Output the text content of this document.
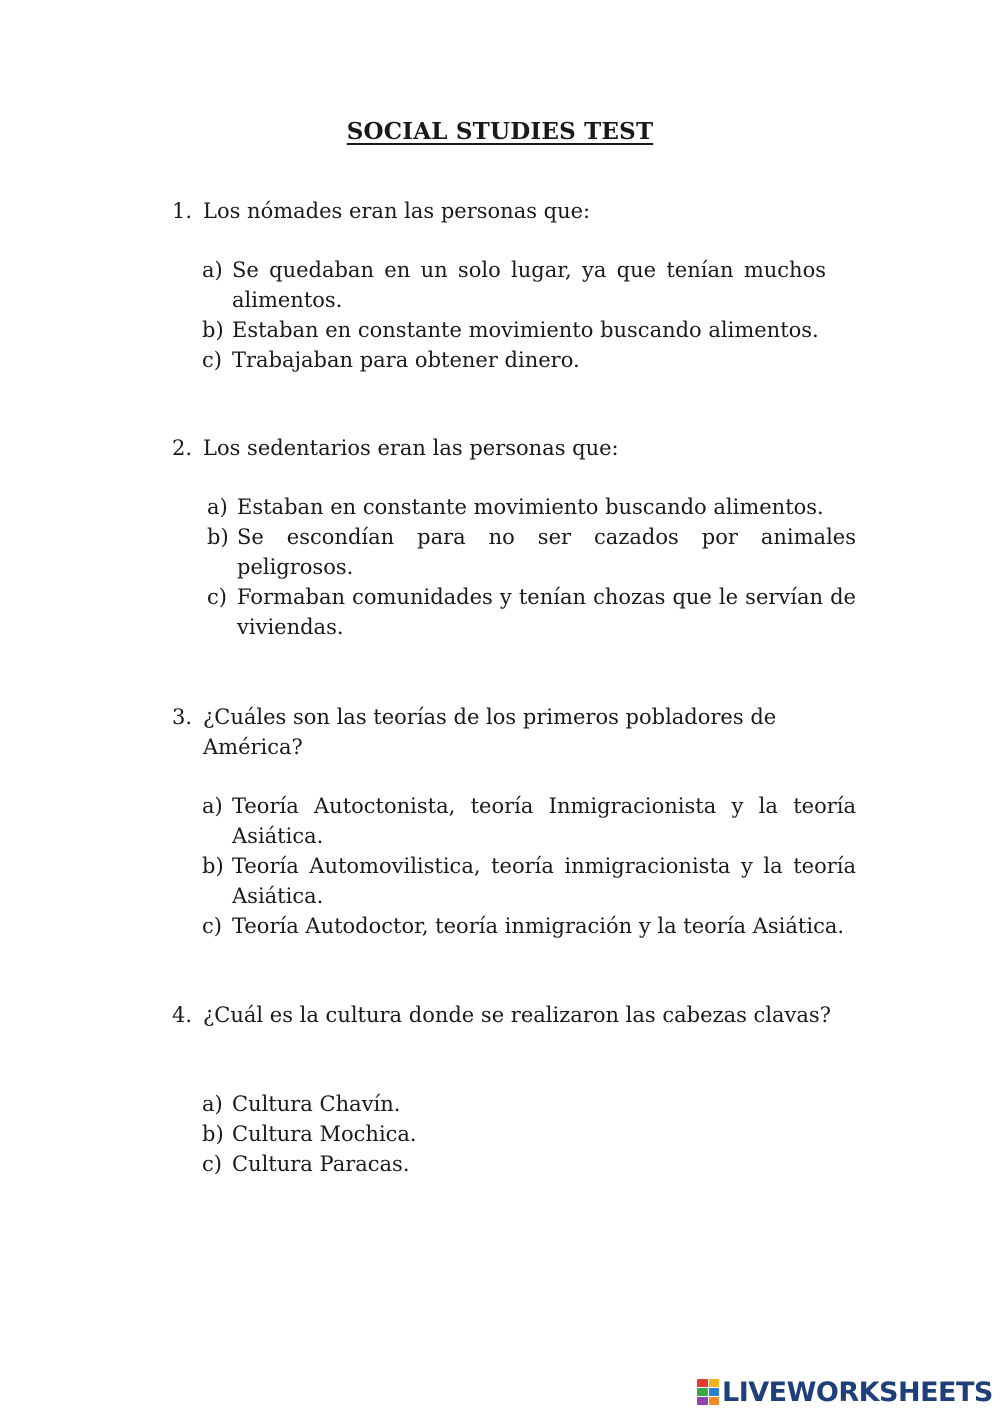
SOCIAL STUDIES TEST
1. Los nómades eran las personas que:
a) Se quedaban en un solo lugar, ya que tenían muchos alimentos.
b) Estaban en constante movimiento buscando alimentos.
c) Trabajaban para obtener dinero.
2. Los sedentarios eran las personas que:
a) Estaban en constante movimiento buscando alimentos.
b) Se escondían para no ser cazados por animales peligrosos.
c) Formaban comunidades y tenían chozas que le servían de viviendas.
3. ¿Cuáles son las teorías de los primeros pobladores de América?
a) Teoría Autoctonista, teoría Inmigracionista y la teoría Asiática.
b) Teoría Automovilistica, teoría inmigracionista y la teoría Asiática.
c) Teoría Autodoctor, teoría inmigración y la teoría Asiática.
4. ¿Cuál es la cultura donde se realizaron las cabezas clavas?
a) Cultura Chavín.
b) Cultura Mochica.
c) Cultura Paracas.
LIVEWORKSHEETS
